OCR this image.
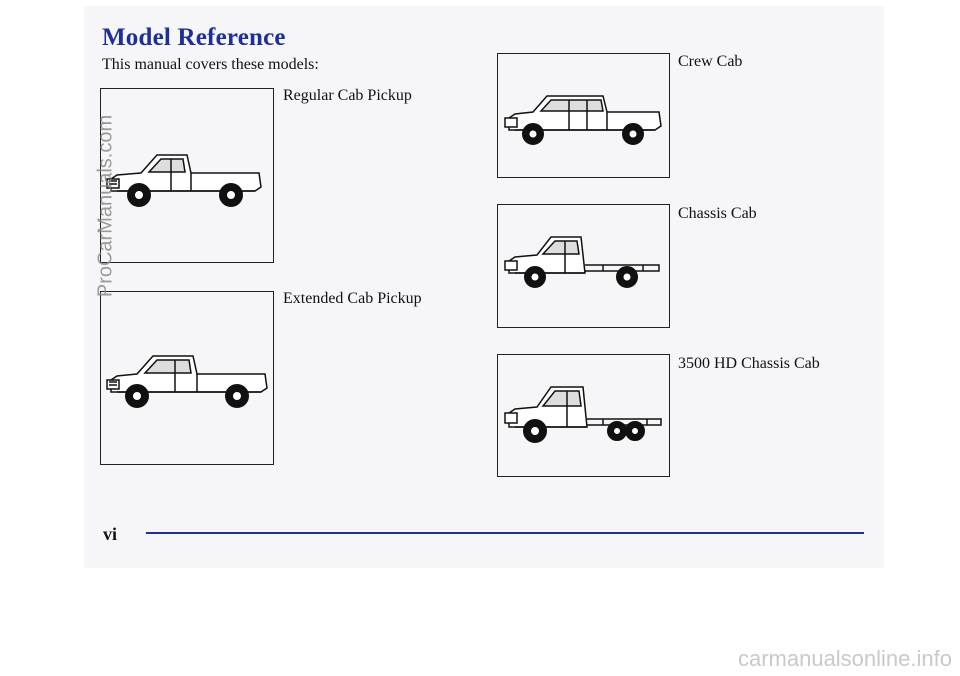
Model Reference
This manual covers these models:
Regular Cab Pickup
Extended Cab Pickup
Crew Cab
Chassis Cab
3500 HD Chassis Cab
vi
ProCarManuals.com
carmanualsonline.info
